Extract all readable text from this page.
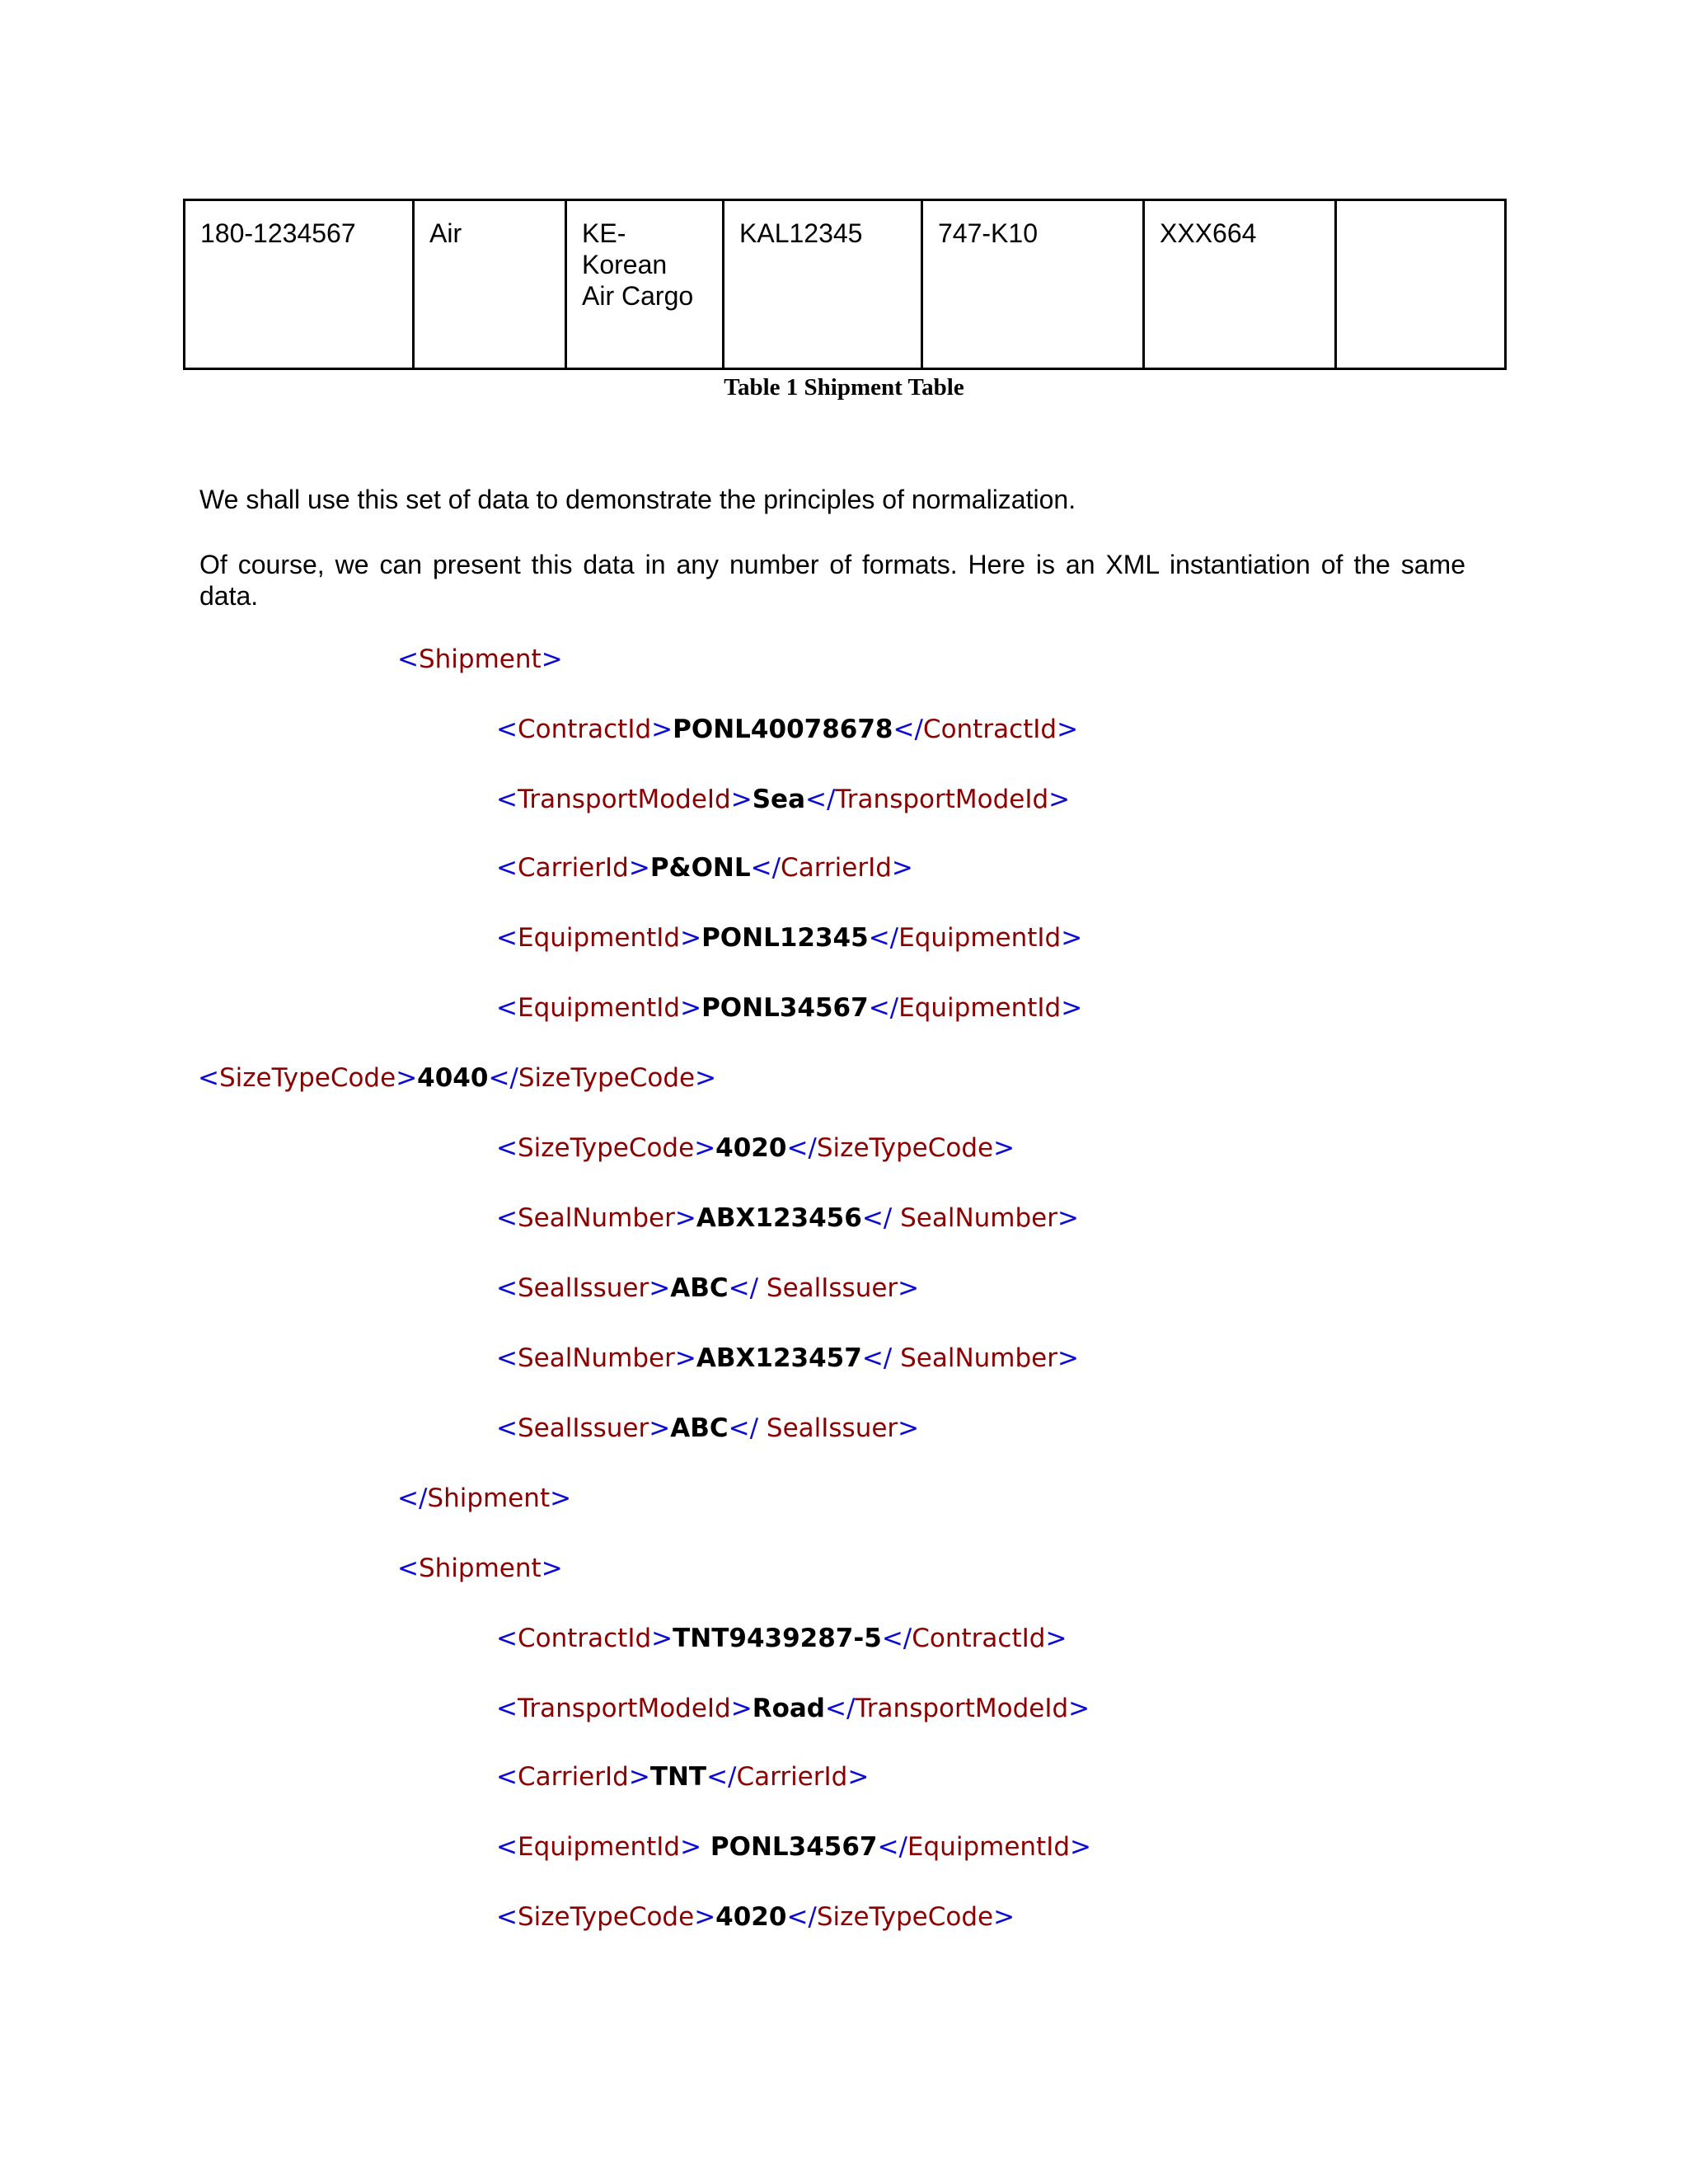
180-1234567	Air	KE-
Korean
Air Cargo	KAL12345	747-K10	XXX664	
Table 1 Shipment Table

We shall use this set of data to demonstrate the principles of normalization.

Of course, we can present this data in any number of formats. Here is an XML instantiation of the same data.

<Shipment>
<ContractId>PONL40078678</ContractId>
<TransportModeId>Sea</TransportModeId>
<CarrierId>P&ONL</CarrierId>
<EquipmentId>PONL12345</EquipmentId>
<EquipmentId>PONL34567</EquipmentId>
<SizeTypeCode>4040</SizeTypeCode>
<SizeTypeCode>4020</SizeTypeCode>
<SealNumber>ABX123456</ SealNumber>
<SealIssuer>ABC</ SealIssuer>
<SealNumber>ABX123457</ SealNumber>
<SealIssuer>ABC</ SealIssuer>
</Shipment>
<Shipment>
<ContractId>TNT9439287-5</ContractId>
<TransportModeId>Road</TransportModeId>
<CarrierId>TNT</CarrierId>
<EquipmentId> PONL34567</EquipmentId>
<SizeTypeCode>4020</SizeTypeCode>
